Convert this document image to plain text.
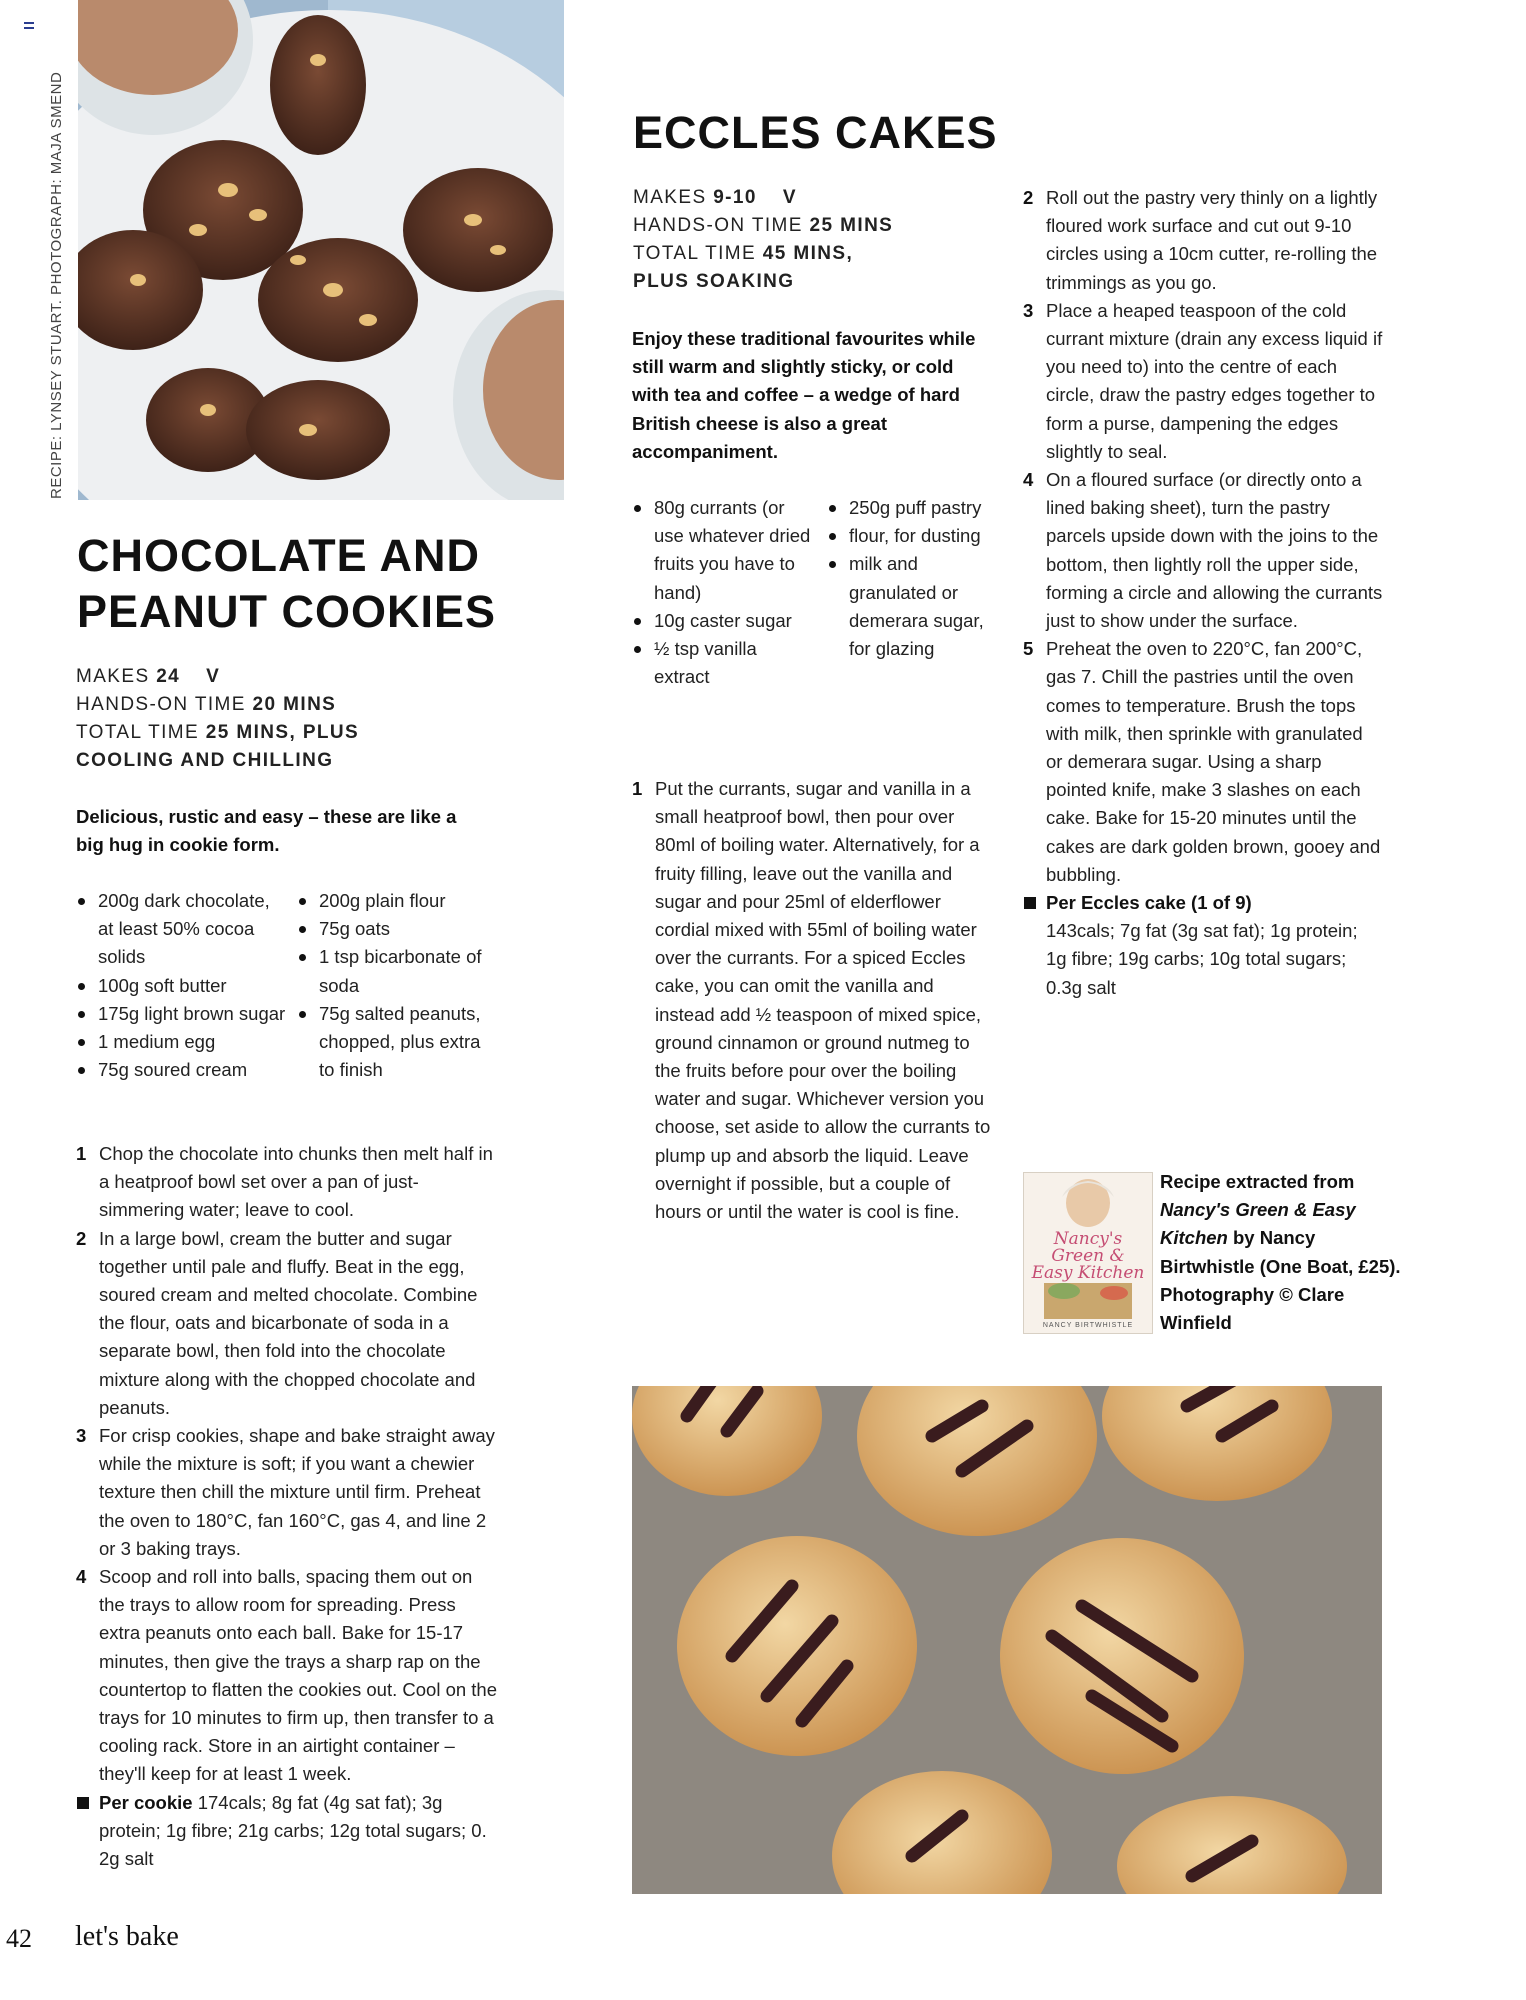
RECIPE: LYNSEY STUART. PHOTOGRAPH: MAJA SMEND
CHOCOLATE AND
PEANUT COOKIES
MAKES 24 V
HANDS-ON TIME 20 MINS
TOTAL TIME 25 MINS, PLUS
COOLING AND CHILLING
Delicious, rustic and easy – these are like a big hug in cookie form.
200g dark chocolate, at least 50% cocoa solids
100g soft butter
175g light brown sugar
1 medium egg
75g soured cream
200g plain flour
75g oats
1 tsp bicarbonate of soda
75g salted peanuts, chopped, plus extra to finish
1 Chop the chocolate into chunks then melt half in a heatproof bowl set over a pan of just-simmering water; leave to cool.
2 In a large bowl, cream the butter and sugar together until pale and fluffy. Beat in the egg, soured cream and melted chocolate. Combine the flour, oats and bicarbonate of soda in a separate bowl, then fold into the chocolate mixture along with the chopped chocolate and peanuts.
3 For crisp cookies, shape and bake straight away while the mixture is soft; if you want a chewier texture then chill the mixture until firm. Preheat the oven to 180°C, fan 160°C, gas 4, and line 2 or 3 baking trays.
4 Scoop and roll into balls, spacing them out on the trays to allow room for spreading. Press extra peanuts onto each ball. Bake for 15-17 minutes, then give the trays a sharp rap on the countertop to flatten the cookies out. Cool on the trays for 10 minutes to firm up, then transfer to a cooling rack. Store in an airtight container – they'll keep for at least 1 week.
Per cookie 174cals; 8g fat (4g sat fat); 3g protein; 1g fibre; 21g carbs; 12g total sugars; 0. 2g salt
ECCLES CAKES
MAKES 9-10 V
HANDS-ON TIME 25 MINS
TOTAL TIME 45 MINS,
PLUS SOAKING
Enjoy these traditional favourites while still warm and slightly sticky, or cold with tea and coffee – a wedge of hard British cheese is also a great accompaniment.
80g currants (or use whatever dried fruits you have to hand)
10g caster sugar
½ tsp vanilla extract
250g puff pastry
flour, for dusting
milk and granulated or demerara sugar, for glazing
1 Put the currants, sugar and vanilla in a small heatproof bowl, then pour over 80ml of boiling water. Alternatively, for a fruity filling, leave out the vanilla and sugar and pour 25ml of elderflower cordial mixed with 55ml of boiling water over the currants. For a spiced Eccles cake, you can omit the vanilla and instead add ½ teaspoon of mixed spice, ground cinnamon or ground nutmeg to the fruits before pour over the boiling water and sugar. Whichever version you choose, set aside to allow the currants to plump up and absorb the liquid. Leave overnight if possible, but a couple of hours or until the water is cool is fine.
2 Roll out the pastry very thinly on a lightly floured work surface and cut out 9-10 circles using a 10cm cutter, re-rolling the trimmings as you go.
3 Place a heaped teaspoon of the cold currant mixture (drain any excess liquid if you need to) into the centre of each circle, draw the pastry edges together to form a purse, dampening the edges slightly to seal.
4 On a floured surface (or directly onto a lined baking sheet), turn the pastry parcels upside down with the joins to the bottom, then lightly roll the upper side, forming a circle and allowing the currants just to show under the surface.
5 Preheat the oven to 220°C, fan 200°C, gas 7. Chill the pastries until the oven comes to temperature. Brush the tops with milk, then sprinkle with granulated or demerara sugar. Using a sharp pointed knife, make 3 slashes on each cake. Bake for 15-20 minutes until the cakes are dark golden brown, gooey and bubbling.
Per Eccles cake (1 of 9)
143cals; 7g fat (3g sat fat); 1g protein; 1g fibre; 19g carbs; 10g total sugars; 0.3g salt
Nancy's Green & Easy Kitchen
NANCY BIRTWHISTLE
Recipe extracted from Nancy's Green & Easy Kitchen by Nancy Birtwhistle (One Boat, £25). Photography © Clare Winfield
42 let's bake
